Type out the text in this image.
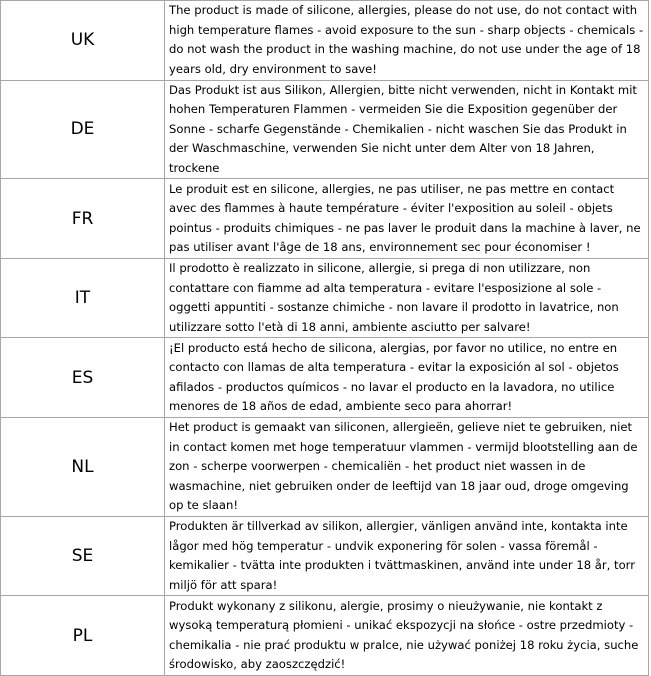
UK	The product is made of silicone, allergies, please do not use, do not contact with high temperature flames - avoid exposure to the sun - sharp objects - chemicals - do not wash the product in the washing machine, do not use under the age of 18 years old, dry environment to save!
DE	Das Produkt ist aus Silikon, Allergien, bitte nicht verwenden, nicht in Kontakt mit hohen Temperaturen Flammen - vermeiden Sie die Exposition gegenüber der Sonne - scharfe Gegenstände - Chemikalien - nicht waschen Sie das Produkt in der Waschmaschine, verwenden Sie nicht unter dem Alter von 18 Jahren, trockene
FR	Le produit est en silicone, allergies, ne pas utiliser, ne pas mettre en contact avec des flammes à haute température - éviter l'exposition au soleil - objets pointus - produits chimiques - ne pas laver le produit dans la machine à laver, ne pas utiliser avant l'âge de 18 ans, environnement sec pour économiser !
IT	Il prodotto è realizzato in silicone, allergie, si prega di non utilizzare, non contattare con fiamme ad alta temperatura - evitare l'esposizione al sole - oggetti appuntiti - sostanze chimiche - non lavare il prodotto in lavatrice, non utilizzare sotto l'età di 18 anni, ambiente asciutto per salvare!
ES	¡El producto está hecho de silicona, alergias, por favor no utilice, no entre en contacto con llamas de alta temperatura - evitar la exposición al sol - objetos afilados - productos químicos - no lavar el producto en la lavadora, no utilice menores de 18 años de edad, ambiente seco para ahorrar!
NL	Het product is gemaakt van siliconen, allergieën, gelieve niet te gebruiken, niet in contact komen met hoge temperatuur vlammen - vermijd blootstelling aan de zon - scherpe voorwerpen - chemicaliën - het product niet wassen in de wasmachine, niet gebruiken onder de leeftijd van 18 jaar oud, droge omgeving op te slaan!
SE	Produkten är tillverkad av silikon, allergier, vänligen använd inte, kontakta inte lågor med hög temperatur - undvik exponering för solen - vassa föremål - kemikalier - tvätta inte produkten i tvättmaskinen, använd inte under 18 år, torr miljö för att spara!
PL	Produkt wykonany z silikonu, alergie, prosimy o nieużywanie, nie kontakt z wysoką temperaturą płomieni - unikać ekspozycji na słońce - ostre przedmioty - chemikalia - nie prać produktu w pralce, nie używać poniżej 18 roku życia, suche środowisko, aby zaoszczędzić!
